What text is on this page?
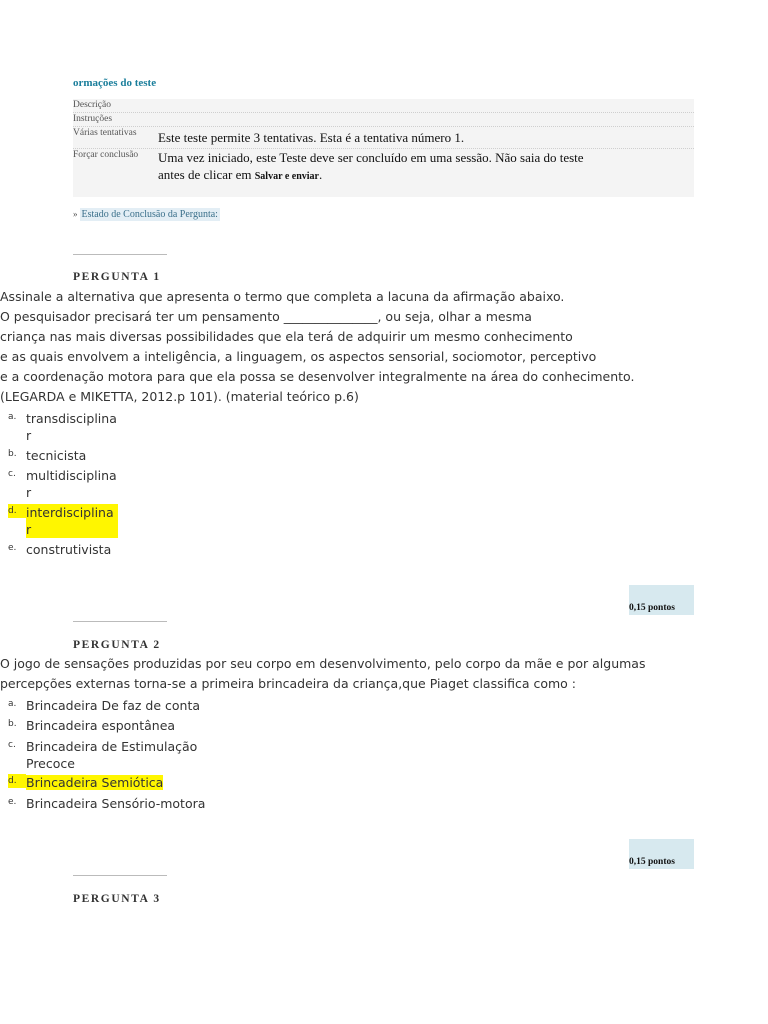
ormações do teste
Descrição
Instruções
Várias tentativas	Este teste permite 3 tentativas. Esta é a tentativa número 1.
Forçar conclusão	Uma vez iniciado, este Teste deve ser concluído em uma sessão. Não saia do teste
antes de clicar em Salvar e enviar.
» Estado de Conclusão da Pergunta:
PERGUNTA 1
Assinale a alternativa que apresenta o termo que completa a lacuna da afirmação abaixo.
O pesquisador precisará ter um pensamento _______________, ou seja, olhar a mesma
criança nas mais diversas possibilidades que ela terá de adquirir um mesmo conhecimento
e as quais envolvem a inteligência, a linguagem, os aspectos sensorial, sociomotor, perceptivo
e a coordenação motora para que ela possa se desenvolver integralmente na área do conhecimento.
(LEGARDA e MIKETTA, 2012.p 101). (material teórico p.6)
a. transdisciplinar
b. tecnicista
c. multidisciplinar
d. interdisciplinar
e. construtivista
0,15 pontos
PERGUNTA 2
O jogo de sensações produzidas por seu corpo em desenvolvimento, pelo corpo da mãe e por algumas
percepções externas torna-se a primeira brincadeira da criança,que Piaget classifica como :
a. Brincadeira De faz de conta
b. Brincadeira espontânea
c. Brincadeira de Estimulação Precoce
d. Brincadeira Semiótica
e. Brincadeira Sensório-motora
0,15 pontos
PERGUNTA 3
